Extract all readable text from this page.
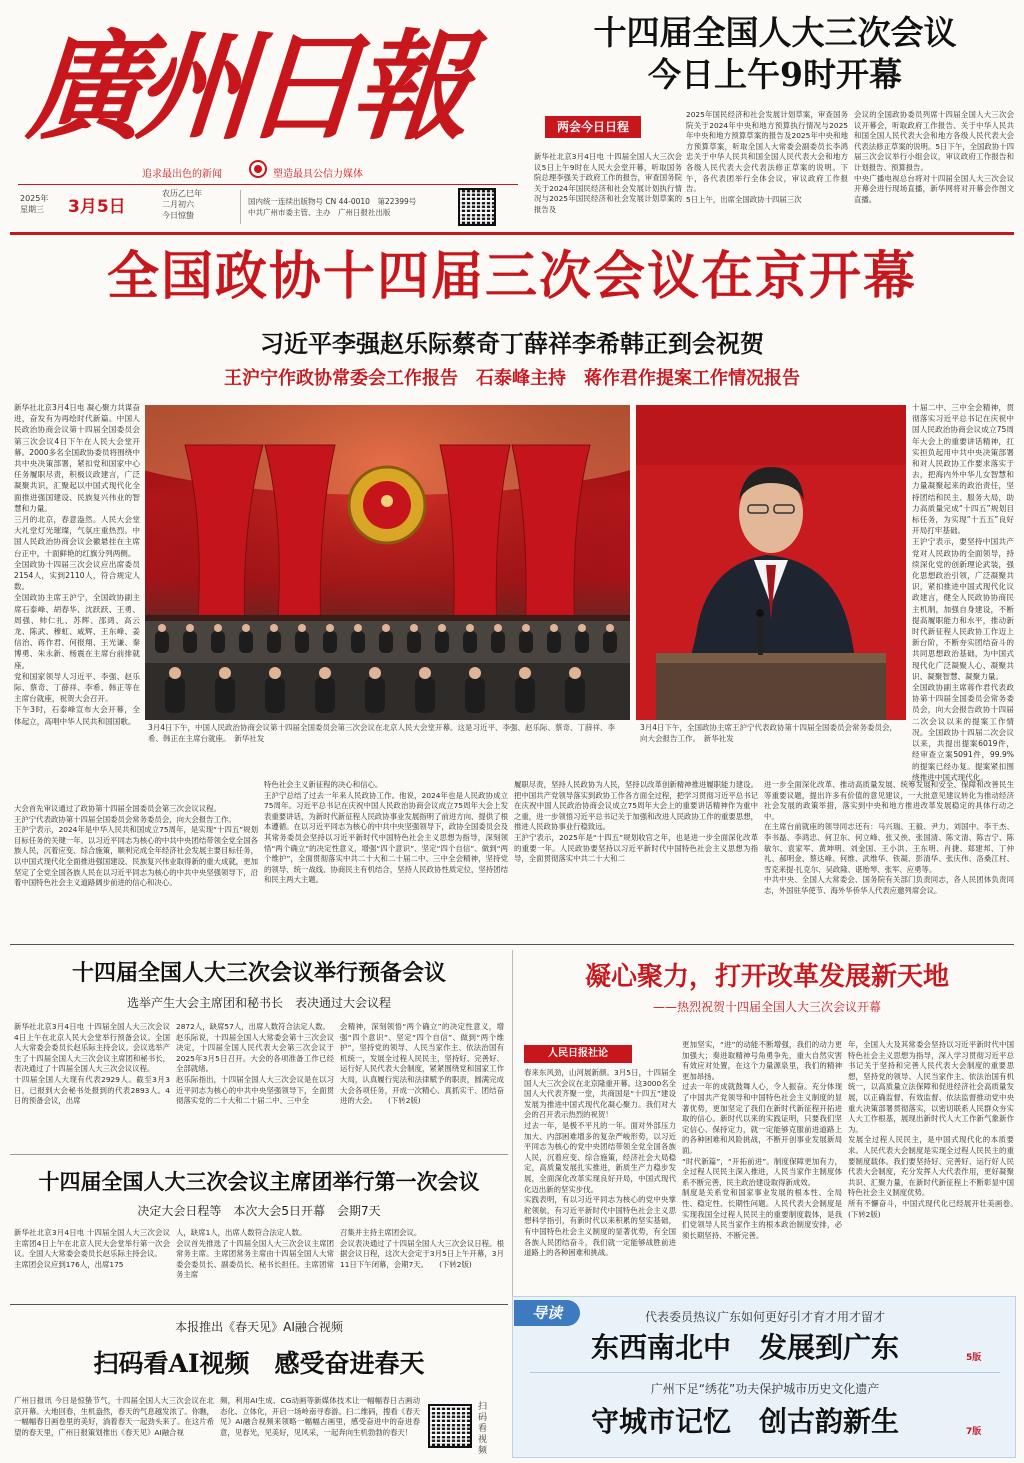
廣州日報
追求最出色的新闻	塑造最具公信力媒体
2025年
星期三 3月5日
农历乙巳年
二月初六
今日惊蛰
国内统一连续出版物号 CN 44-0010　第22399号
中共广州市委主管、主办　广州日报社出版
十四届全国人大三次会议
今日上午9时开幕
两会今日日程
新华社北京3月4日电 十四届全国人大三次会议5日上午9时在人民大会堂开幕，听取国务院总理李强关于政府工作的报告，审查国务院关于2024年国民经济和社会发展计划执行情况与2025年国民经济和社会发展计划草案的报告及
2025年国民经济和社会发展计划草案，审查国务院关于2024年中央和地方预算执行情况与2025年中央和地方预算草案的报告及2025年中央和地方预算草案，听取全国人大常委会副委员长李鸿忠关于中华人民共和国全国人民代表大会和地方各级人民代表大会代表法修正草案的说明。下午，各代表团举行全体会议，审议政府工作报告。
5日上午，出席全国政协十四届三次
会议的全国政协委员列席十四届全国人大三次会议开幕会，听取政府工作报告、关于中华人民共和国全国人民代表大会和地方各级人民代表大会代表法修正草案的说明。5日下午，全国政协十四届三次会议举行小组会议，审议政府工作报告和计划报告、预算报告。
中央广播电视总台将对十四届全国人大三次会议开幕会进行现场直播，新华网将对开幕会作图文直播。
全国政协十四届三次会议在京开幕
习近平李强赵乐际蔡奇丁薛祥李希韩正到会祝贺
王沪宁作政协常委会工作报告　石泰峰主持　蒋作君作提案工作情况报告
新华社北京3月4日电 凝心聚力共谋奋进，奋发有为再绘时代新篇。中国人民政治协商会议第十四届全国委员会第三次会议4日下午在人民大会堂开幕。2000多名全国政协委员将围绕中共中央决策部署，紧扣党和国家中心任务履职尽责，积极议政建言，广泛凝聚共识，汇聚起以中国式现代化全面推进强国建设、民族复兴伟业的智慧和力量。
三月的北京，春意盎然。人民大会堂大礼堂灯光璀璨，气氛庄重热烈。中国人民政治协商会议会徽悬挂在主席台正中，十面鲜艳的红旗分列两侧。
全国政协十四届三次会议应出席委员2154人，实到2110人，符合规定人数。
全国政协主席王沪宁，全国政协副主席石泰峰、胡春华、沈跃跃、王勇、周强、帅仁扎、苏辉、邵鸿、高云龙、陈武、穆虹、咸辉、王东峰、姜信治、蒋作君、何报翔、王光谦、秦博勇、朱永新、杨震在主席台前排就座。
党和国家领导人习近平、李强、赵乐际、蔡奇、丁薛祥、李希、韩正等在主席台就座，祝贺大会召开。
下午3时，石泰峰宣布大会开幕，全体起立，高唱中华人民共和国国歌。
3月4日下午，中国人民政治协商会议第十四届全国委员会第三次会议在北京人民大会堂开幕。这是习近平、李强、赵乐际、蔡奇、丁薛祥、李希、韩正在主席台就座。　新华社发
3月4日下午，全国政协主席王沪宁代表政协第十四届全国委员会常务委员会，向大会报告工作。　新华社发
十届二中、三中全会精神，贯彻落实习近平总书记在庆祝中国人民政治协商会议成立75周年大会上的重要讲话精神，扛实担负起用中共中央决策部署和对人民政协工作要求落实于去，把海内外中华儿女智慧和力量凝聚起来的政治责任，坚持团结和民主、服务大局，助力高质量完成“十四五”规划目标任务，为实现“十五五”良好开局打牢基础。
王沪宁表示，要坚持中国共产党对人民政协的全面领导，持续深化党的创新理论武装，强化思想政治引领，广泛凝聚共识，紧扣推进中国式现代化议政建言，健全人民政协协商民主机制，加强自身建设，不断提高履职能力和水平，推动新时代新征程人民政协工作迈上新台阶，不断夯实团结奋斗的共同思想政治基础，为中国式现代化广泛凝聚人心、凝聚共识、凝聚智慧、凝聚力量。
全国政协副主席蒋作君代表政协第十四届全国委员会常务委员会，向大会报告政协十四届二次会议以来的提案工作情况。全国政协十四届二次会议以来，共提出提案6019件，经审查立案5091件，99.9%的提案已经办复。提案紧扣围绕推进中国式现代化。
大会首先审议通过了政协第十四届全国委员会第三次会议议程。
王沪宁代表政协第十四届全国委员会常务委员会，向大会报告工作。
王沪宁表示，2024年是中华人民共和国成立75周年，是实现“十四五”规划目标任务的关键一年。以习近平同志为核心的中共中央团结带领全党全国各族人民，沉着应变、综合施策，顺利完成全年经济社会发展主要目标任务，以中国式现代化全面推进强国建设、民族复兴伟业取得新的重大成就，更加坚定了全党全国各族人民在以习近平同志为核心的中共中央坚强领导下，沿着中国特色社会主义道路阔步前进的信心和决心。
特色社会主义新征程的决心和信心。
王沪宁总结了过去一年来人民政协工作。他说，2024年也是人民政协成立75周年。习近平总书记在庆祝中国人民政治协商会议成立75周年大会上发表重要讲话，为新时代新征程人民政协事业发展指明了前进方向、提供了根本遵循。在以习近平同志为核心的中共中央坚强领导下，政协全国委员会及其常务委员会坚持以习近平新时代中国特色社会主义思想为指导，深刻领悟“两个确立”的决定性意义，增强“四个意识”、坚定“四个自信”、做到“两个维护”，全面贯彻落实中共二十大和二十届二中、三中全会精神，坚持党的领导、统一战线、协商民主有机结合，坚持人民政协性质定位，坚持团结和民主两大主题。
履职尽责，坚持人民政协为人民，坚持以改革创新精神推进履职能力建设。把中国共产党领导落实到政协工作各方面全过程，把学习贯彻习近平总书记在庆祝中国人民政治协商会议成立75周年大会上的重要讲话精神作为重中之重，进一步领悟习近平总书记关于加强和改进人民政协工作的重要思想，推进人民政协事业行稳致远。
王沪宁表示，2025年是“十四五”规划收官之年，也是进一步全面深化改革的重要一年。人民政协要坚持以习近平新时代中国特色社会主义思想为指导，全面贯彻落实中共二十大和二
进一步全面深化改革、推动高质量发展、统筹发展和安全、保障和改善民生等重要议题，提出许多有价值的意见建议，一大批意见建议转化为推动经济社会发展的政策举措，落实到中央和地方推进改革发展稳定的具体行动之中。
在主席台前就座的领导同志还有：马兴瑞、王毅、尹力、刘国中、李干杰、李书磊、李鸿忠、何卫东、何立峰、张又侠、张国清、陈文清、陈吉宁、陈敏尔、袁家军、黄坤明、刘金国、王小洪、王东明、肖捷、郑建邦、丁仲礼、郝明金、蔡达峰、何维、武维华、铁凝、彭清华、张庆伟、洛桑江村、雪克来提·扎克尔、吴政隆、谌贻琴、张军、应勇等。
中共中央、全国人大常委会、国务院有关部门负责同志，各人民团体负责同志，外国驻华使节、海外华侨华人代表应邀列席会议。
十四届全国人大三次会议举行预备会议
选举产生大会主席团和秘书长　表决通过大会议程
新华社北京3月4日电 十四届全国人大三次会议4日上午在北京人民大会堂举行预备会议。全国人大常委会委员长赵乐际主持会议。会议选举产生了十四届全国人大三次会议主席团和秘书长，表决通过了十四届全国人大三次会议议程。
十四届全国人大现有代表2929人。截至3月3日，已报到大会秘书处报到的代表2893人。4日的预备会议，出席
2872人，缺席57人，出席人数符合法定人数。
赵乐际说，十四届全国人大常委会第十三次会议决定，十四届全国人民代表大会第三次会议于2025年3月5日召开。大会的各项准备工作已经全部就绪。
赵乐际指出，十四届全国人大三次会议是在以习近平同志为核心的中共中央坚强领导下，全面贯彻落实党的二十大和二十届二中、三中全
会精神，深刻领悟“两个确立”的决定性意义，增强“四个意识”、坚定“四个自信”、做到“两个维护”，坚持党的领导、人民当家作主、依法治国有机统一，发展全过程人民民主，坚持好、完善好、运行好人民代表大会制度，紧紧围绕党和国家工作大局，认真履行宪法和法律赋予的职责，圆满完成大会各项任务，开成一次精心、真抓实干、团结奋进的大会。　　(下转2版)
十四届全国人大三次会议主席团举行第一次会议
决定大会日程等　本次大会5日开幕　会期7天
新华社北京3月4日电 十四届全国人大三次会议主席团4日上午在北京人民大会堂举行第一次会议。全国人大常委会委员长赵乐际主持会议。
主席团会议应到176人，出席175
人，缺席1人，出席人数符合法定人数。
会议首先推选了十四届全国人大三次会议主席团常务主席。主席团常务主席由十四届全国人大常委会委员长、副委员长、秘书长担任。主席团常务主席
召集并主持主席团会议。
会议表决通过了十四届全国人大三次会议日程。根据会议日程，这次大会定于3月5日上午开幕，3月11日下午闭幕，会期7天。　　(下转2版)
本报推出《春天见》AI融合视频
扫码看AI视频　感受奋进春天
广州日报讯 今日是惊蛰节气，十四届全国人大三次会议在北京开幕。大地回春，生机盎然，春天的气息越发浓了。你瞧，一幅幅春日画卷里的美好，淌着春天一起劲头来了。在这片希望的春天里，广州日报策划推出《春天见》AI融合视
频，利用AI生成、CG动画等新媒体技术让一幅幅春日古画动态化、立体化，开启一场岭南寻春游。扫二维码，搜看《春天见》AI融合视频来领略一幅幅古画里，感受奋进中的奋进春意，见春光，见美好，见风采，一起奔向生机勃勃的春天！
扫码看视频
凝心聚力，打开改革发展新天地
——热烈祝贺十四届全国人大三次会议开幕
人民日报社论
春来东风劲，山河展新颜。3月5日，十四届全国人大三次会议在北京隆重开幕。这3000名全国人大代表齐聚一堂，共商国是“十四五”建设发展为推进中国式现代化凝心聚力。我们对大会的召开表示热烈的祝贺！
过去一年，是极不平凡的一年。面对外部压力加大、内部困难增多的复杂严峻形势，以习近平同志为核心的党中央团结带领全党全国各族人民，沉着应变、综合施策，经济社会大局稳定，高质量发展扎实推进，新质生产力稳步发展，全面深化改革实现良好开局，中国式现代化迈出新的坚实步伐。
实践表明，有以习近平同志为核心的党中央掌舵领航，有习近平新时代中国特色社会主义思想科学指引，有新时代以来积累的坚实基础，有中国特色社会主义制度的显著优势，有全国各族人民团结奋斗，我们就一定能够战胜前进道路上的各种困难和挑战。
更加坚实，“进”的动能不断增强，我们的动力更加强大；奏进取精神号角勇争先，重大自然灾害有效应对处置，在这个力量源泉里，我们的精神更加昂扬。
过去一年的成就鼓舞人心，令人振奋。充分体现了中国共产党领导和中国特色社会主义制度的显著优势，更加坚定了我们在新时代新征程开拓进取的信心。新时代以来的实践证明，只要我们坚定信心、保持定力，就一定能够克服前进道路上的各种困难和风险挑战，不断开创事业发展新局面。
“时代新篇”，“开拓前进”。制度保障更加有力，全过程人民民主深入推进，人民当家作主制度体系不断完善，民主政治建设取得新成效。
制度是关系党和国家事业发展的根本性、全局性、稳定性、长期性问题。人民代表大会制度是实现我国全过程人民民主的重要制度载体，是我们党领导人民当家作主的根本政治制度安排，必须长期坚持、不断完善。
年，全国人大及其常委会坚持以习近平新时代中国特色社会主义思想为指导，深入学习贯彻习近平总书记关于坚持和完善人民代表大会制度的重要思想，坚持党的领导、人民当家作主、依法治国有机统一，以高质量立法保障和促进经济社会高质量发展，以正确监督、有效监督、依法监督推动党中央重大决策部署贯彻落实，以密切联系人民群众夯实人大工作根基，展现出新时代人大工作新气象新作为。
发展全过程人民民主，是中国式现代化的本质要求。人民代表大会制度是实现全过程人民民主的重要制度载体。我们要坚持好、完善好、运行好人民代表大会制度，充分发挥人大代表作用，更好凝聚共识、汇聚力量，在新时代新征程上不断彰显中国特色社会主义制度优势。
所有不懈奋斗，中国式现代化已经展开壮美画卷。　　(下转2版)
导读	代表委员热议广东如何更好引才育才用才留才
东西南北中　发展到广东	5版
广州下足“绣花”功夫保护城市历史文化遗产
守城市记忆　创古韵新生	7版
